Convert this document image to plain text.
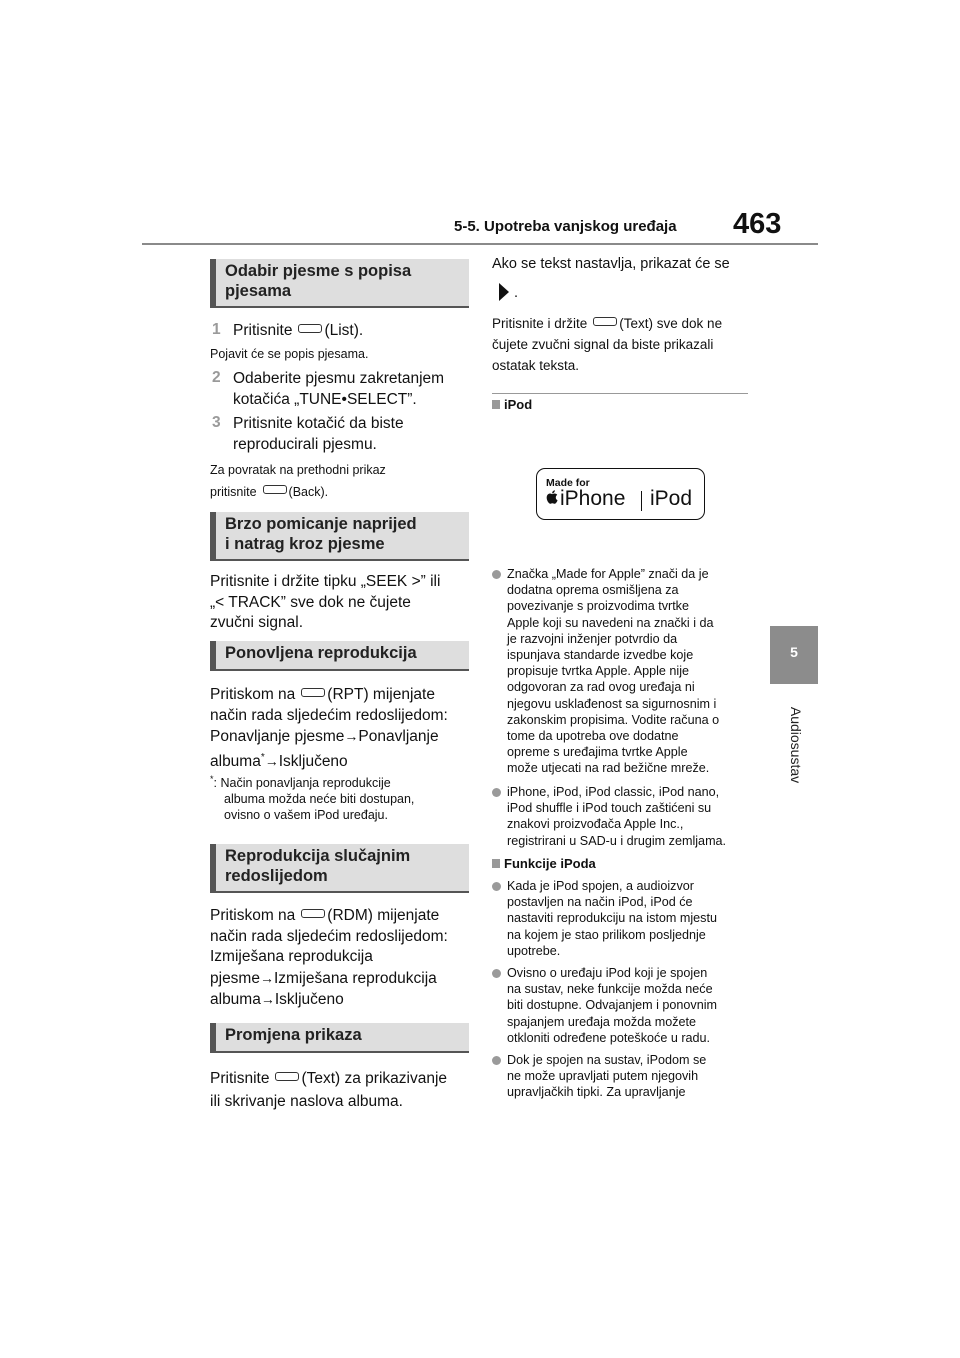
5-5. Upotreba vanjskog uređaja 463
5
Audiosustav
Odabir pjesme s popisa
pjesama
1 Pritisnite (List).
Pojavit će se popis pjesama.
2 Odaberite pjesmu zakretanjem
kotačića „TUNE•SELECT”.
3 Pritisnite kotačić da biste
reproducirali pjesmu.
Za povratak na prethodni prikaz
pritisnite	(Back).
Brzo pomicanje naprijed
i natrag kroz pjesme
Pritisnite i držite tipku „SEEK >” ili
„< TRACK” sve dok ne čujete
zvučni signal.
Ponovljena reprodukcija
Pritiskom na (RPT) mijenjate
način rada sljedećim redoslijedom:
Ponavljanje pjesme→Ponavljanje
albuma*→Isključeno
*: Način ponavljanja reprodukcije
albuma možda neće biti dostupan,
ovisno o vašem iPod uređaju.
Reprodukcija slučajnim
redoslijedom
Pritiskom na (RDM) mijenjate
način rada sljedećim redoslijedom:
Izmiješana reprodukcija
pjesme→Izmiješana reprodukcija
albuma→Isključeno
Promjena prikaza
Pritisnite (Text) za prikazivanje
ili skrivanje naslova albuma.
Ako se tekst nastavlja, prikazat će se
.
Pritisnite i držite (Text) sve dok ne
čujete zvučni signal da biste prikazali
ostatak teksta.
iPod
Made for
iPhone iPod
Značka „Made for Apple” znači da je
dodatna oprema osmišljena za
povezivanje s proizvodima tvrtke
Apple koji su navedeni na znački i da
je razvojni inženjer potvrdio da
ispunjava standarde izvedbe koje
propisuje tvrtka Apple. Apple nije
odgovoran za rad ovog uređaja ni
njegovu usklađenost sa sigurnosnim i
zakonskim propisima. Vodite računa o
tome da upotreba ove dodatne
opreme s uređajima tvrtke Apple
može utjecati na rad bežične mreže.
iPhone, iPod, iPod classic, iPod nano,
iPod shuffle i iPod touch zaštićeni su
znakovi proizvođača Apple Inc.,
registrirani u SAD-u i drugim zemljama.
Funkcije iPoda
Kada je iPod spojen, a audioizvor
postavljen na način iPod, iPod će
nastaviti reprodukciju na istom mjestu
na kojem je stao prilikom posljednje
upotrebe.
Ovisno o uređaju iPod koji je spojen
na sustav, neke funkcije možda neće
biti dostupne. Odvajanjem i ponovnim
spajanjem uređaja možda možete
otkloniti određene poteškoće u radu.
Dok je spojen na sustav, iPodom se
ne može upravljati putem njegovih
upravljačkih tipki. Za upravljanje
